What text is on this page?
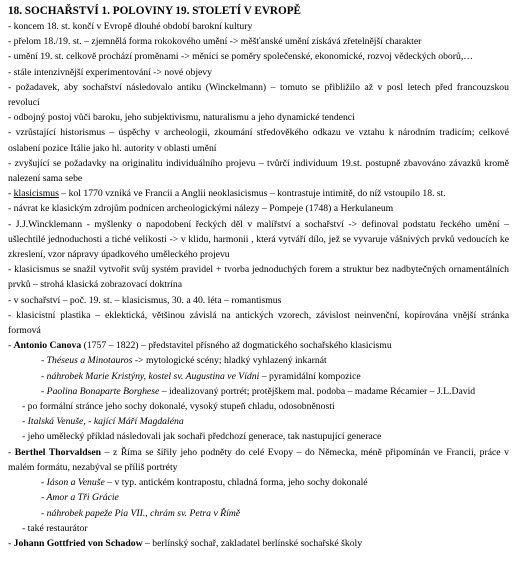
18. SOCHAŘSTVÍ 1. POLOVINY 19. STOLETÍ V EVROPĚ
- koncem 18. st. končí v Evropě dlouhé období barokní kultury
- přelom 18./19. st. – zjemnělá forma rokokového umění -> měšťanské umění získává zřetelnější charakter
- umění 19. st. celkově prochází proměnami -> měnící se poměry společenské, ekonomické, rozvoj vědeckých oborů,…
- stále intenzivnější experimentování -> nové objevy
- požadavek, aby sochařství následovalo antiku (Winckelmann) – tomuto se přibližilo až v posl letech před francouzskou revolucí
- odbojný postoj vůči baroku, jeho subjektivismu, naturalismu a jeho dynamické tendenci
- vzrůstající historismus – úspěchy v archeologii, zkoumání středověkého odkazu ve vztahu k národním tradicím; celkové oslabení pozice Itálie jako hl. autority v oblasti umění
- zvyšující se požadavky na originalitu individuálního projevu – tvůrčí individuum 19.st. postupně zbavováno závazků kromě nalezení sama sebe
- klasicismus – kol 1770 vzniká ve Francii a Anglii neoklasicismus – kontrastuje intimitě, do níž vstoupilo 18. st.
- návrat ke klasickým zdrojům podnícen archeologickými nálezy – Pompeje (1748) a Herkulaneum
- J.J.Wincklemann - myšlenky o napodobení řeckých děl v malířství a sochařství -> definoval podstatu řeckého umění – ušlechtilé jednoduchosti a tiché velikosti -> v klidu, harmonii , která vytváří dílo, jež se vyvaruje vášnivých prvků vedoucích ke zkreslení, vzor nápravy úpadkového uměleckého projevu
- klasicismus se snažil vytvořit svůj systém pravidel + tvorba jednoduchých forem a struktur bez nadbytečných ornamentálních prvků – strohá klasická zobrazovací doktrína
- v sochařství – poč. 19. st. – klasicismus, 30. a 40. léta – romantismus
- klasicistní plastika – eklektická, většinou závislá na antických vzorech, závislost neinvenční, kopírována vnější stránka formová
- Antonio Canova (1757 – 1822) – představitel přísného až dogmatického sochařského klasicismu
- Théseus a Minotauros -> mytologické scény; hladký vyhlazený inkarnát
- náhrobek Marie Kristýny, kostel sv. Augustina ve Vídni – pyramidální kompozice
- Paolina Bonaparte Borghese – idealizovaný portrét; protějškem mal. podoba – madame Récamier – J.L.David
- po formální stránce jeho sochy dokonalé, vysoký stupeň chladu, odosobněnosti
- Italská Venuše, - kající Máří Magdaléna
- jeho umělecký příklad následovali jak sochaři předchozí generace, tak nastupující generace
- Berthel Thorvaldsen – z Říma se šířily jeho podněty do celé Evopy – do Německa, méně připomínán ve Francii, práce v malém formátu, nezabýval se příliš portréty
- Iáson a Venuše – v typ. antickém kontrapostu, chladná forma, jeho sochy dokonalé
- Amor a Tři Grácie
- náhrobek papeže Pia VII., chrám sv. Petra v Římě
- také restaurátor
- Johann Gottfried von Schadow – berlínský sochař, zakladatel berlínské sochařské školy
